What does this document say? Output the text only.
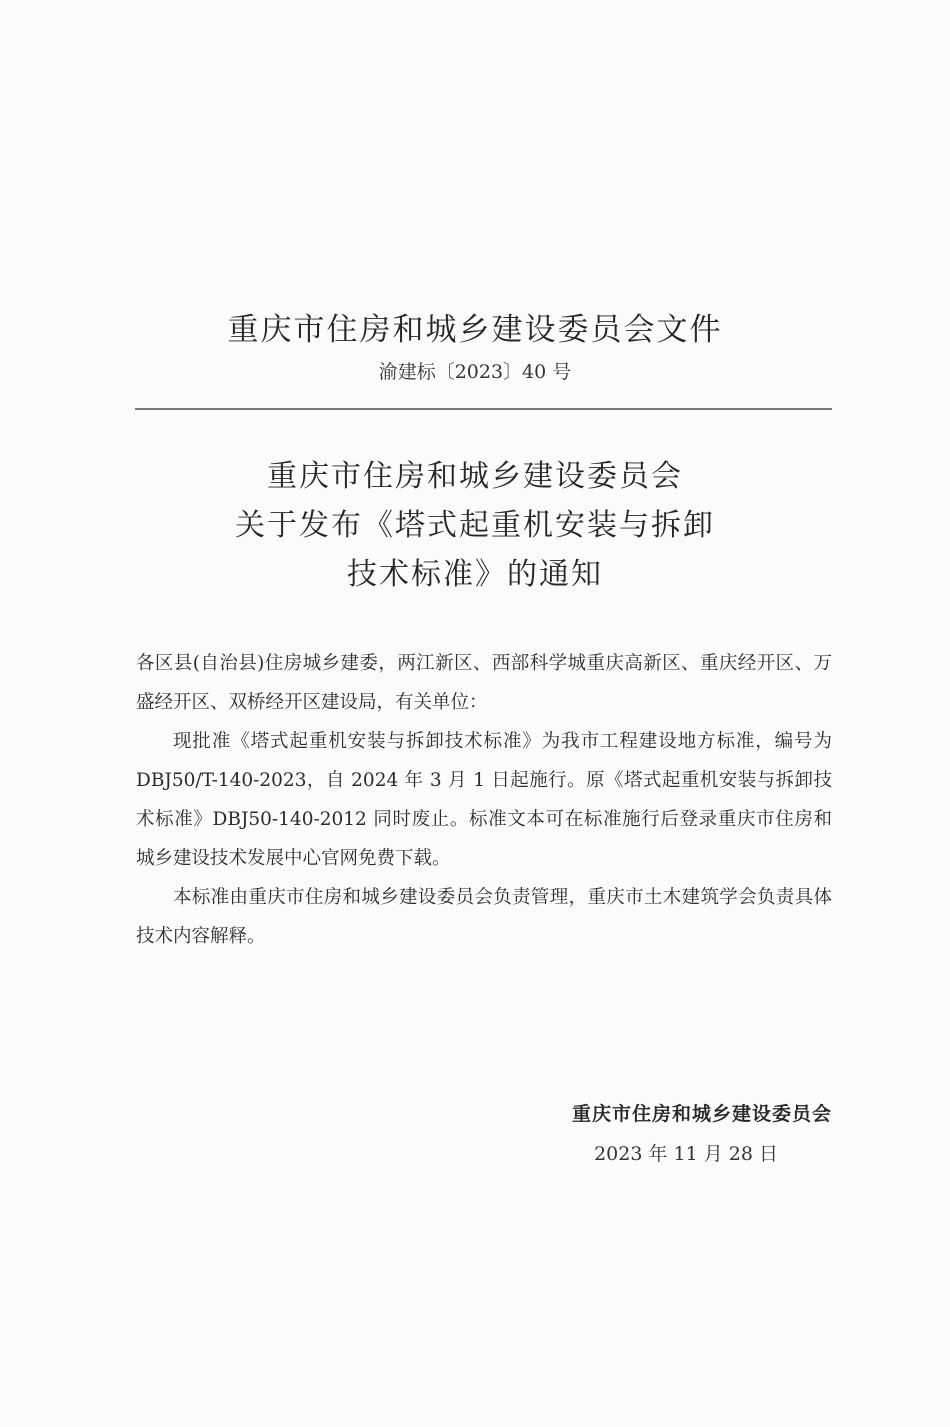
重庆市住房和城乡建设委员会文件
渝建标〔2023〕40 号
重庆市住房和城乡建设委员会
关于发布《塔式起重机安装与拆卸
技术标准》的通知

各区县(自治县)住房城乡建委，两江新区、西部科学城重庆高新区、重庆经开区、万盛经开区、双桥经开区建设局，有关单位：

现批准《塔式起重机安装与拆卸技术标准》为我市工程建设地方标准，编号为 DBJ50/T-140-2023，自 2024 年 3 月 1 日起施行。原《塔式起重机安装与拆卸技术标准》DBJ50-140-2012 同时废止。标准文本可在标准施行后登录重庆市住房和城乡建设技术发展中心官网免费下载。

本标准由重庆市住房和城乡建设委员会负责管理，重庆市土木建筑学会负责具体技术内容解释。

重庆市住房和城乡建设委员会
2023 年 11 月 28 日
